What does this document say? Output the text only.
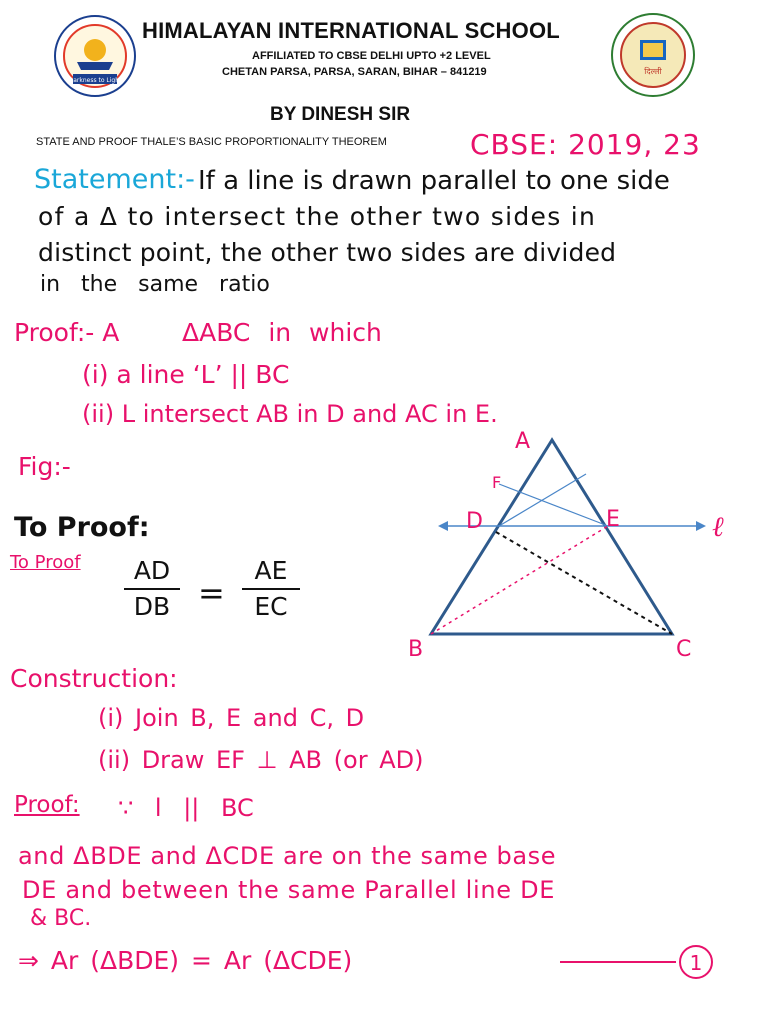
Darkness to Light
दिल्ली
HIMALAYAN INTERNATIONAL SCHOOL
AFFILIATED TO CBSE DELHI UPTO +2 LEVEL
CHETAN PARSA, PARSA, SARAN, BIHAR – 841219
BY DINESH SIR
STATE AND PROOF THALE’S BASIC PROPORTIONALITY THEOREM	CBSE: 2019, 23
Statement:- If a line is drawn parallel to one side
of a Δ to intersect the other two sides in
distinct point, the other two sides are divided
in the same ratio
Proof:- A	ΔABC in which
(i) a line ‘L’ || BC
(ii) L intersect AB in D and AC in E.
Fig:-
To Proof:
To Proof	AD
DB =
AE
EC
A
F
D	E
B	C
ℓ
Construction:
(i) Join B, E and C, D
(ii) Draw EF ⊥ AB (or AD)
Proof: ∵ l || BC
and ΔBDE and ΔCDE are on the same base
DE and between the same Parallel line DE
& BC.
⇒ Ar (ΔBDE) = Ar (ΔCDE)	1
